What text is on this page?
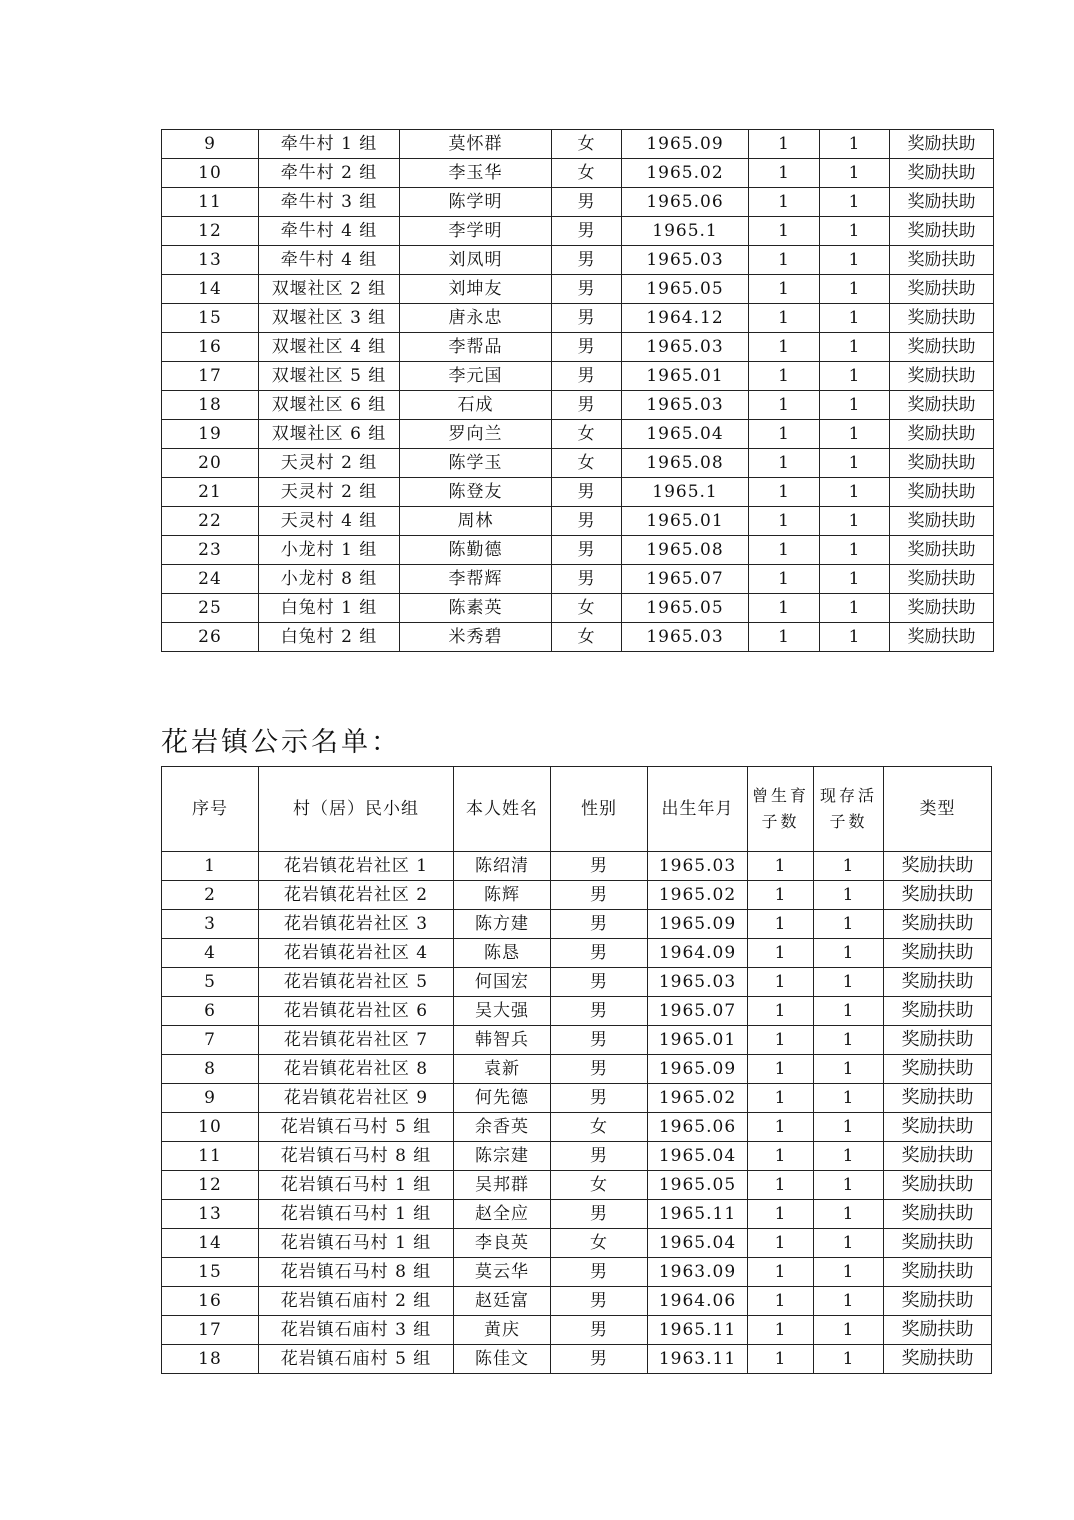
9	牵牛村 1 组	莫怀群	女	1965.09	1	1	奖励扶助
10	牵牛村 2 组	李玉华	女	1965.02	1	1	奖励扶助
11	牵牛村 3 组	陈学明	男	1965.06	1	1	奖励扶助
12	牵牛村 4 组	李学明	男	1965.1	1	1	奖励扶助
13	牵牛村 4 组	刘凤明	男	1965.03	1	1	奖励扶助
14	双堰社区 2 组	刘坤友	男	1965.05	1	1	奖励扶助
15	双堰社区 3 组	唐永忠	男	1964.12	1	1	奖励扶助
16	双堰社区 4 组	李帮品	男	1965.03	1	1	奖励扶助
17	双堰社区 5 组	李元国	男	1965.01	1	1	奖励扶助
18	双堰社区 6 组	石成	男	1965.03	1	1	奖励扶助
19	双堰社区 6 组	罗向兰	女	1965.04	1	1	奖励扶助
20	天灵村 2 组	陈学玉	女	1965.08	1	1	奖励扶助
21	天灵村 2 组	陈登友	男	1965.1	1	1	奖励扶助
22	天灵村 4 组	周林	男	1965.01	1	1	奖励扶助
23	小龙村 1 组	陈勤德	男	1965.08	1	1	奖励扶助
24	小龙村 8 组	李帮辉	男	1965.07	1	1	奖励扶助
25	白兔村 1 组	陈素英	女	1965.05	1	1	奖励扶助
26	白兔村 2 组	米秀碧	女	1965.03	1	1	奖励扶助
花岩镇公示名单：
序号	村（居）民小组	本人姓名	性别	出生年月	曾生育子数	现存活子数	类型
1	花岩镇花岩社区 1	陈绍清	男	1965.03	1	1	奖励扶助
2	花岩镇花岩社区 2	陈辉	男	1965.02	1	1	奖励扶助
3	花岩镇花岩社区 3	陈方建	男	1965.09	1	1	奖励扶助
4	花岩镇花岩社区 4	陈恳	男	1964.09	1	1	奖励扶助
5	花岩镇花岩社区 5	何国宏	男	1965.03	1	1	奖励扶助
6	花岩镇花岩社区 6	吴大强	男	1965.07	1	1	奖励扶助
7	花岩镇花岩社区 7	韩智兵	男	1965.01	1	1	奖励扶助
8	花岩镇花岩社区 8	袁新	男	1965.09	1	1	奖励扶助
9	花岩镇花岩社区 9	何先德	男	1965.02	1	1	奖励扶助
10	花岩镇石马村 5 组	余香英	女	1965.06	1	1	奖励扶助
11	花岩镇石马村 8 组	陈宗建	男	1965.04	1	1	奖励扶助
12	花岩镇石马村 1 组	吴邦群	女	1965.05	1	1	奖励扶助
13	花岩镇石马村 1 组	赵全应	男	1965.11	1	1	奖励扶助
14	花岩镇石马村 1 组	李良英	女	1965.04	1	1	奖励扶助
15	花岩镇石马村 8 组	莫云华	男	1963.09	1	1	奖励扶助
16	花岩镇石庙村 2 组	赵廷富	男	1964.06	1	1	奖励扶助
17	花岩镇石庙村 3 组	黄庆	男	1965.11	1	1	奖励扶助
18	花岩镇石庙村 5 组	陈佳文	男	1963.11	1	1	奖励扶助
